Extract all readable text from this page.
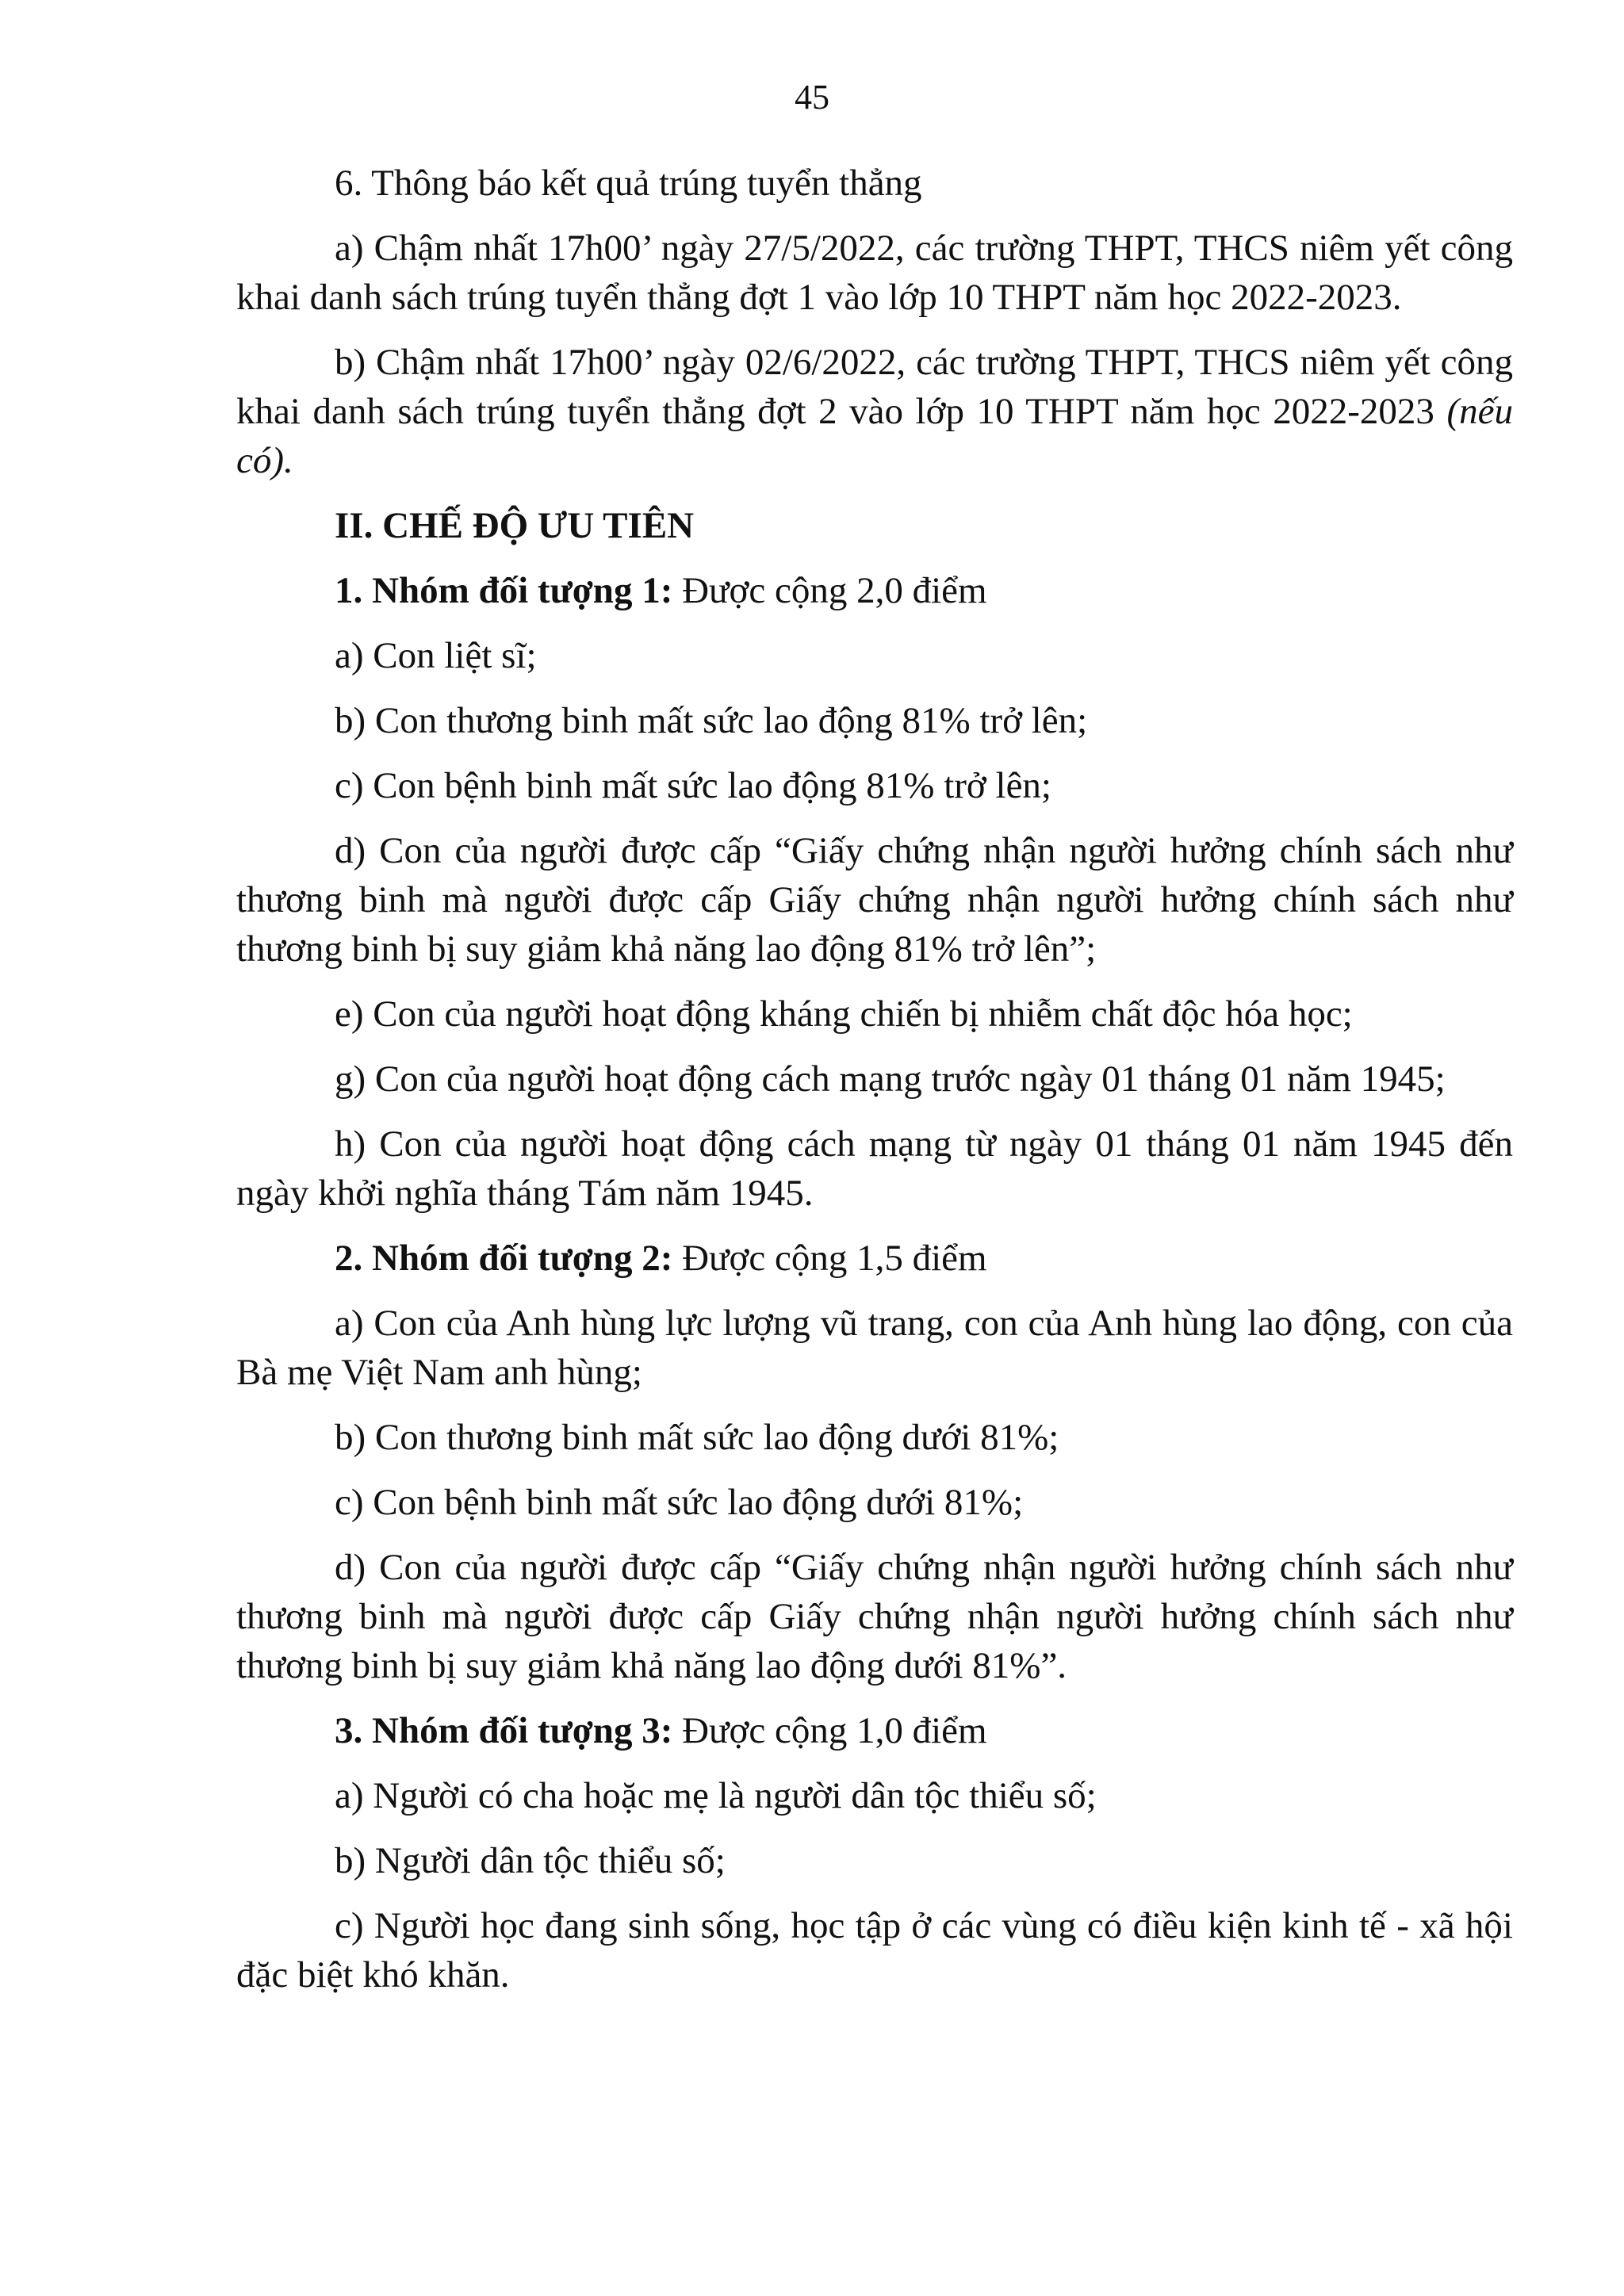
45

6. Thông báo kết quả trúng tuyển thẳng

a) Chậm nhất 17h00’ ngày 27/5/2022, các trường THPT, THCS niêm yết công khai danh sách trúng tuyển thẳng đợt 1 vào lớp 10 THPT năm học 2022-2023.

b) Chậm nhất 17h00’ ngày 02/6/2022, các trường THPT, THCS niêm yết công khai danh sách trúng tuyển thẳng đợt 2 vào lớp 10 THPT năm học 2022-2023 (nếu có).

II. CHẾ ĐỘ ƯU TIÊN

1. Nhóm đối tượng 1: Được cộng 2,0 điểm

a) Con liệt sĩ;

b) Con thương binh mất sức lao động 81% trở lên;

c) Con bệnh binh mất sức lao động 81% trở lên;

d) Con của người được cấp “Giấy chứng nhận người hưởng chính sách như thương binh mà người được cấp Giấy chứng nhận người hưởng chính sách như thương binh bị suy giảm khả năng lao động 81% trở lên”;

e) Con của người hoạt động kháng chiến bị nhiễm chất độc hóa học;

g) Con của người hoạt động cách mạng trước ngày 01 tháng 01 năm 1945;

h) Con của người hoạt động cách mạng từ ngày 01 tháng 01 năm 1945 đến ngày khởi nghĩa tháng Tám năm 1945.

2. Nhóm đối tượng 2: Được cộng 1,5 điểm

a) Con của Anh hùng lực lượng vũ trang, con của Anh hùng lao động, con của Bà mẹ Việt Nam anh hùng;

b) Con thương binh mất sức lao động dưới 81%;

c) Con bệnh binh mất sức lao động dưới 81%;

d) Con của người được cấp “Giấy chứng nhận người hưởng chính sách như thương binh mà người được cấp Giấy chứng nhận người hưởng chính sách như thương binh bị suy giảm khả năng lao động dưới 81%”.

3. Nhóm đối tượng 3: Được cộng 1,0 điểm

a) Người có cha hoặc mẹ là người dân tộc thiểu số;

b) Người dân tộc thiểu số;

c) Người học đang sinh sống, học tập ở các vùng có điều kiện kinh tế - xã hội đặc biệt khó khăn.
